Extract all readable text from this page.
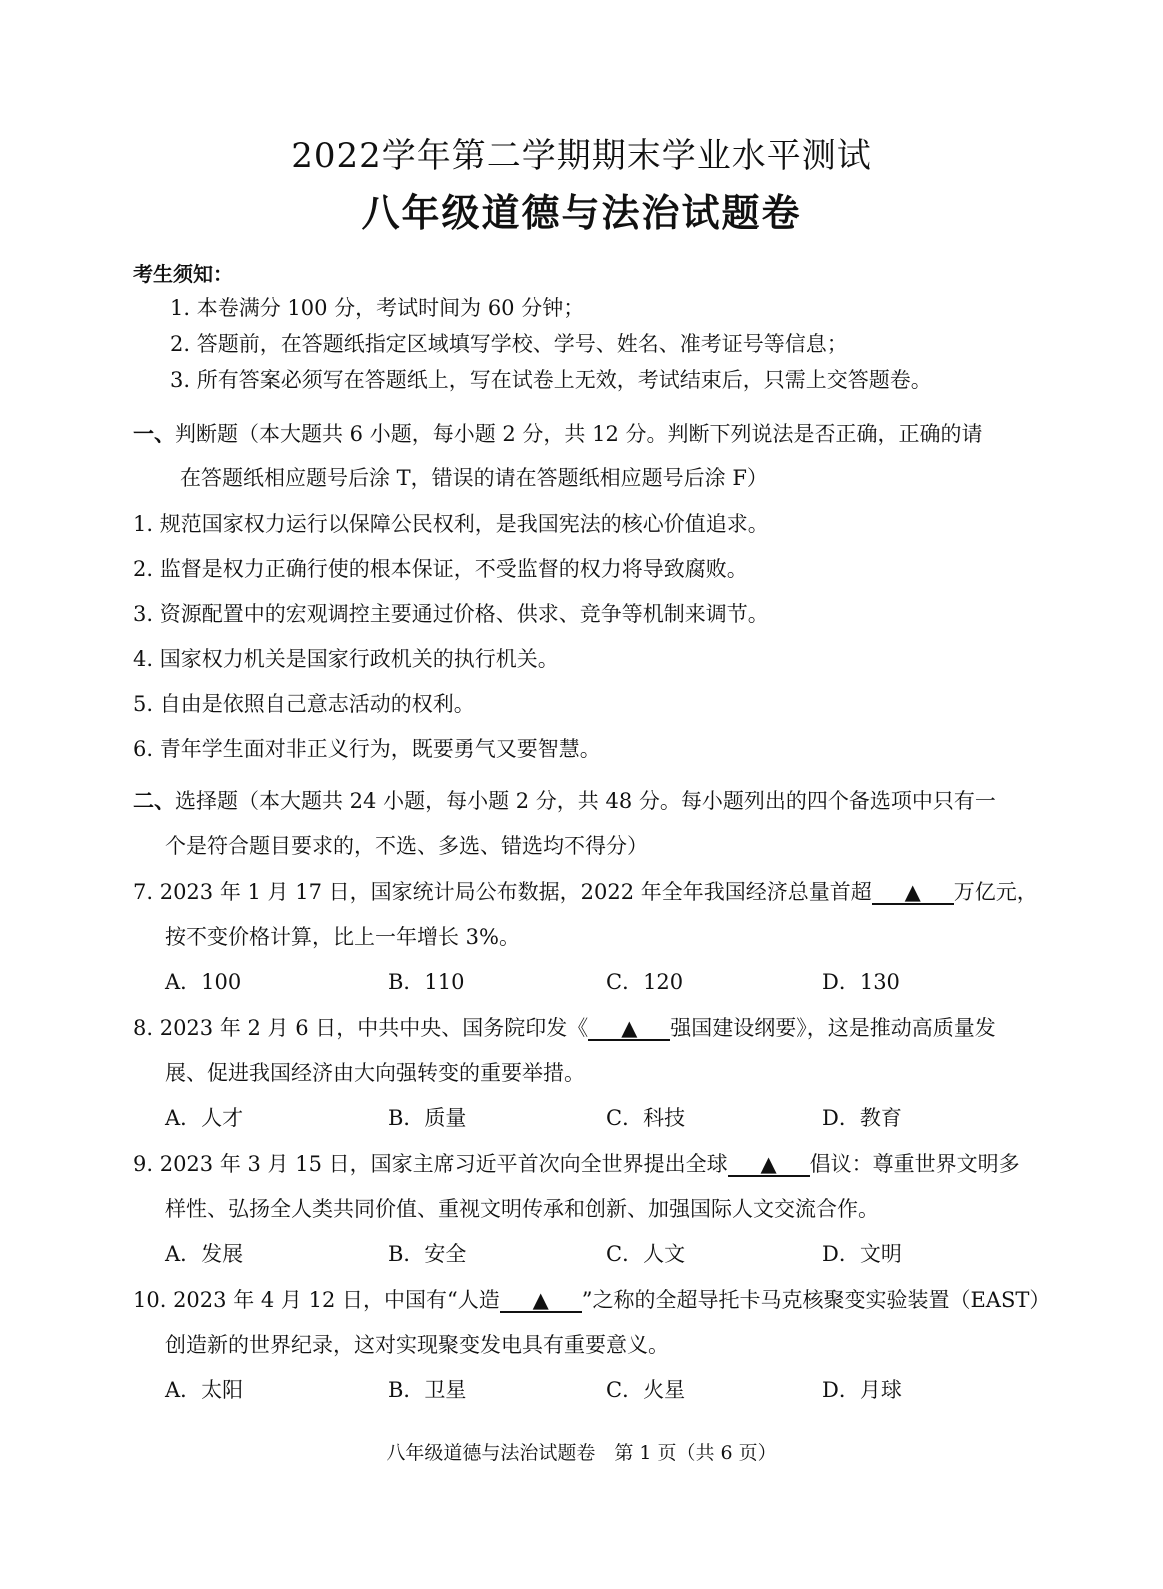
2022学年第二学期期末学业水平测试
八年级道德与法治试题卷
考生须知：
1. 本卷满分 100 分，考试时间为 60 分钟；
2. 答题前，在答题纸指定区域填写学校、学号、姓名、准考证号等信息；
3. 所有答案必须写在答题纸上，写在试卷上无效，考试结束后，只需上交答题卷。
一、判断题（本大题共 6 小题，每小题 2 分，共 12 分。判断下列说法是否正确，正确的请
在答题纸相应题号后涂 T，错误的请在答题纸相应题号后涂 F）
1. 规范国家权力运行以保障公民权利，是我国宪法的核心价值追求。
2. 监督是权力正确行使的根本保证，不受监督的权力将导致腐败。
3. 资源配置中的宏观调控主要通过价格、供求、竞争等机制来调节。
4. 国家权力机关是国家行政机关的执行机关。
5. 自由是依照自己意志活动的权利。
6. 青年学生面对非正义行为，既要勇气又要智慧。
二、选择题（本大题共 24 小题，每小题 2 分，共 48 分。每小题列出的四个备选项中只有一
个是符合题目要求的，不选、多选、错选均不得分）
7. 2023 年 1 月 17 日，国家统计局公布数据，2022 年全年我国经济总量首超 ▲ 万亿元，
按不变价格计算，比上一年增长 3%。
A．100	B．110	C．120	D．130
8. 2023 年 2 月 6 日，中共中央、国务院印发《 ▲ 强国建设纲要》，这是推动高质量发
展、促进我国经济由大向强转变的重要举措。
A．人才	B．质量	C．科技	D．教育
9. 2023 年 3 月 15 日，国家主席习近平首次向全世界提出全球 ▲ 倡议：尊重世界文明多
样性、弘扬全人类共同价值、重视文明传承和创新、加强国际人文交流合作。
A．发展	B．安全	C．人文	D．文明
10. 2023 年 4 月 12 日，中国有“人造 ▲ ”之称的全超导托卡马克核聚变实验装置（EAST）
创造新的世界纪录，这对实现聚变发电具有重要意义。
A．太阳	B．卫星	C．火星	D．月球
八年级道德与法治试题卷　第 1 页（共 6 页）
